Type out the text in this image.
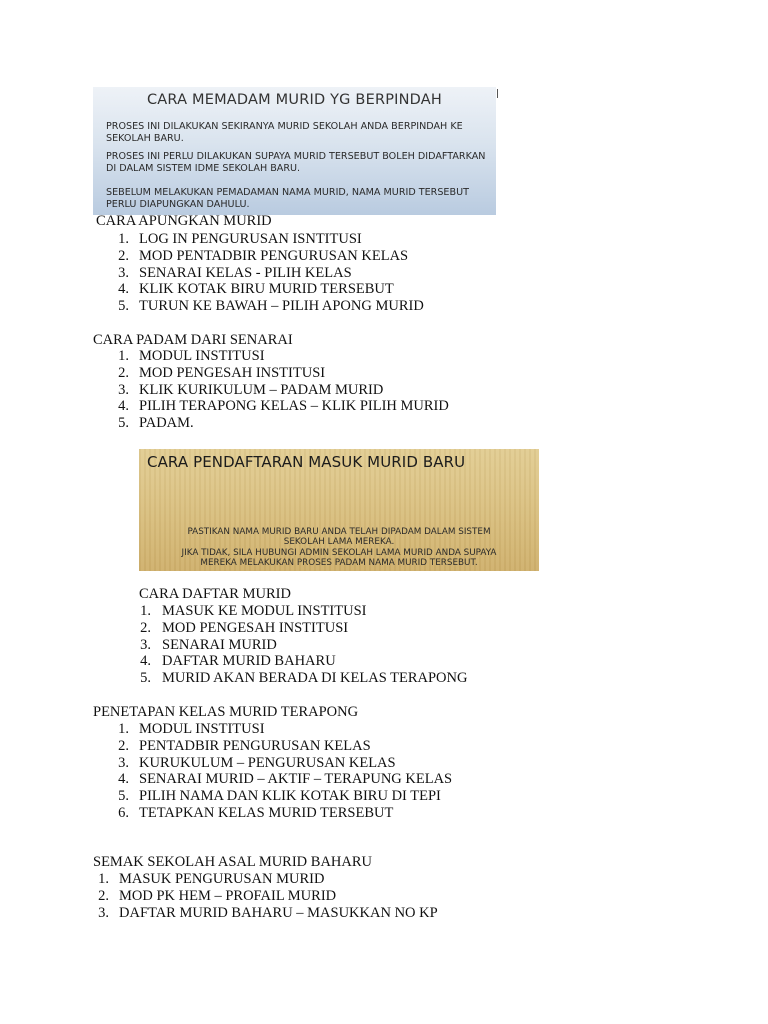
CARA MEMADAM MURID YG BERPINDAH
PROSES INI DILAKUKAN SEKIRANYA MURID SEKOLAH ANDA BERPINDAH KE SEKOLAH BARU.
PROSES INI PERLU DILAKUKAN SUPAYA MURID TERSEBUT BOLEH DIDAFTARKAN DI DALAM SISTEM IDME SEKOLAH BARU.
SEBELUM MELAKUKAN PEMADAMAN NAMA MURID, NAMA MURID TERSEBUT PERLU DIAPUNGKAN DAHULU.
CARA APUNGKAN MURID
1. LOG IN PENGURUSAN ISNTITUSI
2. MOD PENTADBIR PENGURUSAN KELAS
3. SENARAI KELAS - PILIH KELAS
4. KLIK KOTAK BIRU MURID TERSEBUT
5. TURUN KE BAWAH – PILIH APONG MURID
CARA PADAM DARI SENARAI
1. MODUL INSTITUSI
2. MOD PENGESAH INSTITUSI
3. KLIK KURIKULUM – PADAM MURID
4. PILIH TERAPONG KELAS – KLIK PILIH MURID
5. PADAM.
CARA PENDAFTARAN MASUK MURID BARU
PASTIKAN NAMA MURID BARU ANDA TELAH DIPADAM DALAM SISTEM
SEKOLAH LAMA MEREKA.
JIKA TIDAK, SILA HUBUNGI ADMIN SEKOLAH LAMA MURID ANDA SUPAYA
MEREKA MELAKUKAN PROSES PADAM NAMA MURID TERSEBUT.
CARA DAFTAR MURID
1. MASUK KE MODUL INSTITUSI
2. MOD PENGESAH INSTITUSI
3. SENARAI MURID
4. DAFTAR MURID BAHARU
5. MURID AKAN BERADA DI KELAS TERAPONG
PENETAPAN KELAS MURID TERAPONG
1. MODUL INSTITUSI
2. PENTADBIR PENGURUSAN KELAS
3. KURUKULUM – PENGURUSAN KELAS
4. SENARAI MURID – AKTIF – TERAPUNG KELAS
5. PILIH NAMA DAN KLIK KOTAK BIRU DI TEPI
6. TETAPKAN KELAS MURID TERSEBUT
SEMAK SEKOLAH ASAL MURID BAHARU
1. MASUK PENGURUSAN MURID
2. MOD PK HEM – PROFAIL MURID
3. DAFTAR MURID BAHARU – MASUKKAN NO KP
